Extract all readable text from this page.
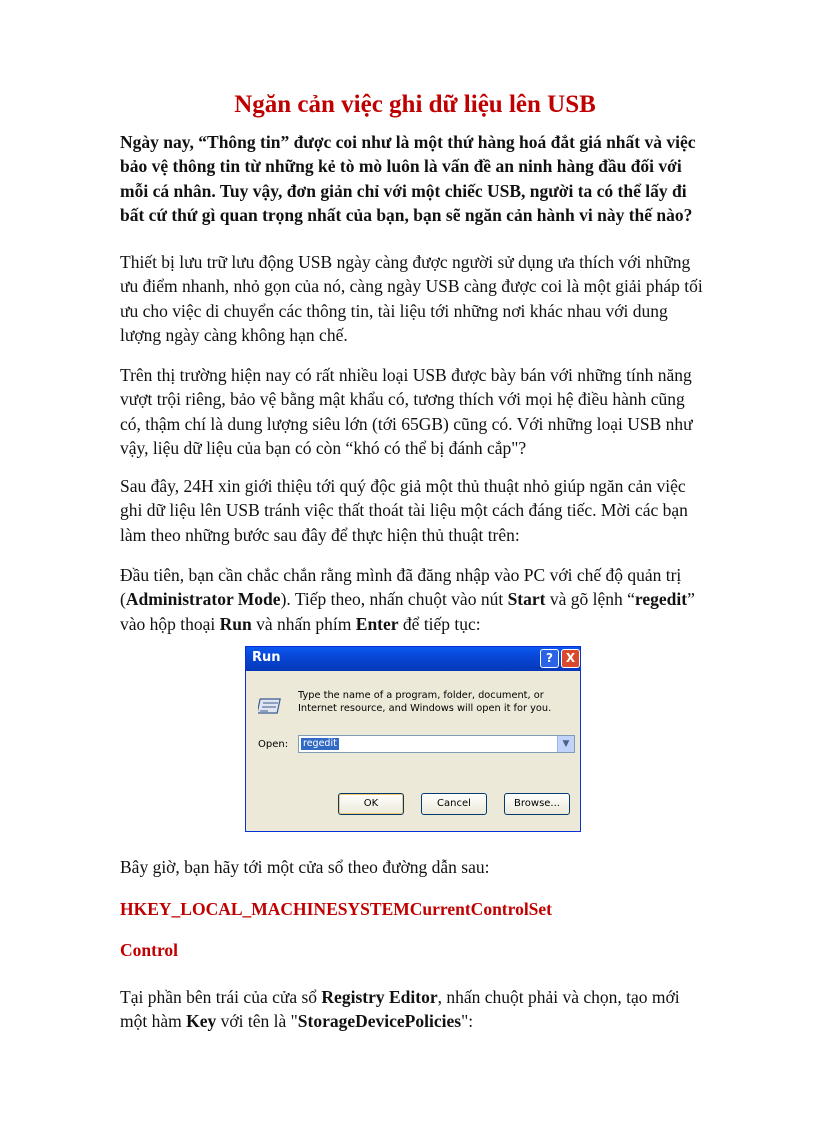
Ngăn cản việc ghi dữ liệu lên USB

Ngày nay, “Thông tin” được coi như là một thứ hàng hoá đắt giá nhất và việc bảo vệ thông tin từ những kẻ tò mò luôn là vấn đề an ninh hàng đầu đối với mỗi cá nhân. Tuy vậy, đơn giản chỉ với một chiếc USB, người ta có thể lấy đi bất cứ thứ gì quan trọng nhất của bạn, bạn sẽ ngăn cản hành vi này thế nào?

Thiết bị lưu trữ lưu động USB ngày càng được người sử dụng ưa thích với những ưu điểm nhanh, nhỏ gọn của nó, càng ngày USB càng được coi là một giải pháp tối ưu cho việc di chuyển các thông tin, tài liệu tới những nơi khác nhau với dung lượng ngày càng không hạn chế.

Trên thị trường hiện nay có rất nhiều loại USB được bày bán với những tính năng vượt trội riêng, bảo vệ bằng mật khẩu có, tương thích với mọi hệ điều hành cũng có, thậm chí là dung lượng siêu lớn (tới 65GB) cũng có. Với những loại USB như vậy, liệu dữ liệu của bạn có còn “khó có thể bị đánh cắp"?

Sau đây, 24H xin giới thiệu tới quý độc giả một thủ thuật nhỏ giúp ngăn cản việc ghi dữ liệu lên USB tránh việc thất thoát tài liệu một cách đáng tiếc. Mời các bạn làm theo những bước sau đây để thực hiện thủ thuật trên:

Đầu tiên, bạn cần chắc chắn rằng mình đã đăng nhập vào PC với chế độ quản trị (Administrator Mode). Tiếp theo, nhấn chuột vào nút Start và gõ lệnh “regedit” vào hộp thoại Run và nhấn phím Enter để tiếp tục:

Bây giờ, bạn hãy tới một cửa sổ theo đường dẫn sau:

HKEY_LOCAL_MACHINESYSTEMCurrentControlSet
Control

Tại phần bên trái của cửa sổ Registry Editor, nhấn chuột phải và chọn, tạo mới một hàm Key với tên là "StorageDevicePolicies":

Run	?	X
Type the name of a program, folder, document, or Internet resource, and Windows will open it for you.
Open: regedit	▼
OK	Cancel	Browse...
